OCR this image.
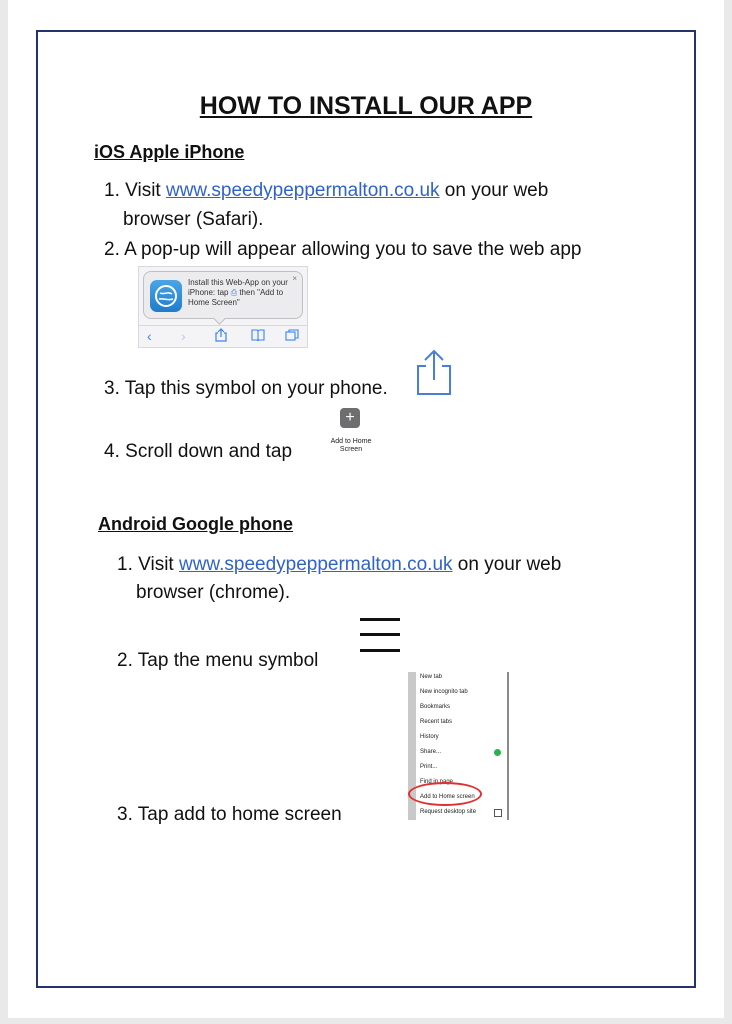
HOW TO INSTALL OUR APP
iOS Apple iPhone
1. Visit www.speedypeppermalton.co.uk on your web
browser (Safari).
2. A pop-up will appear allowing you to save the web app
Install this Web-App on your iPhone: tap ⎙ then "Add to Home Screen"
×
‹ ›
3. Tap this symbol on your phone.
4. Scroll down and tap
+
Add to Home Screen
Android Google phone
1. Visit www.speedypeppermalton.co.uk on your web
browser (chrome).
2. Tap the menu symbol
New tab
New incognito tab
Bookmarks
Recent tabs
History
Share...
Print...
Find in page
Add to Home screen
Request desktop site
3. Tap add to home screen
